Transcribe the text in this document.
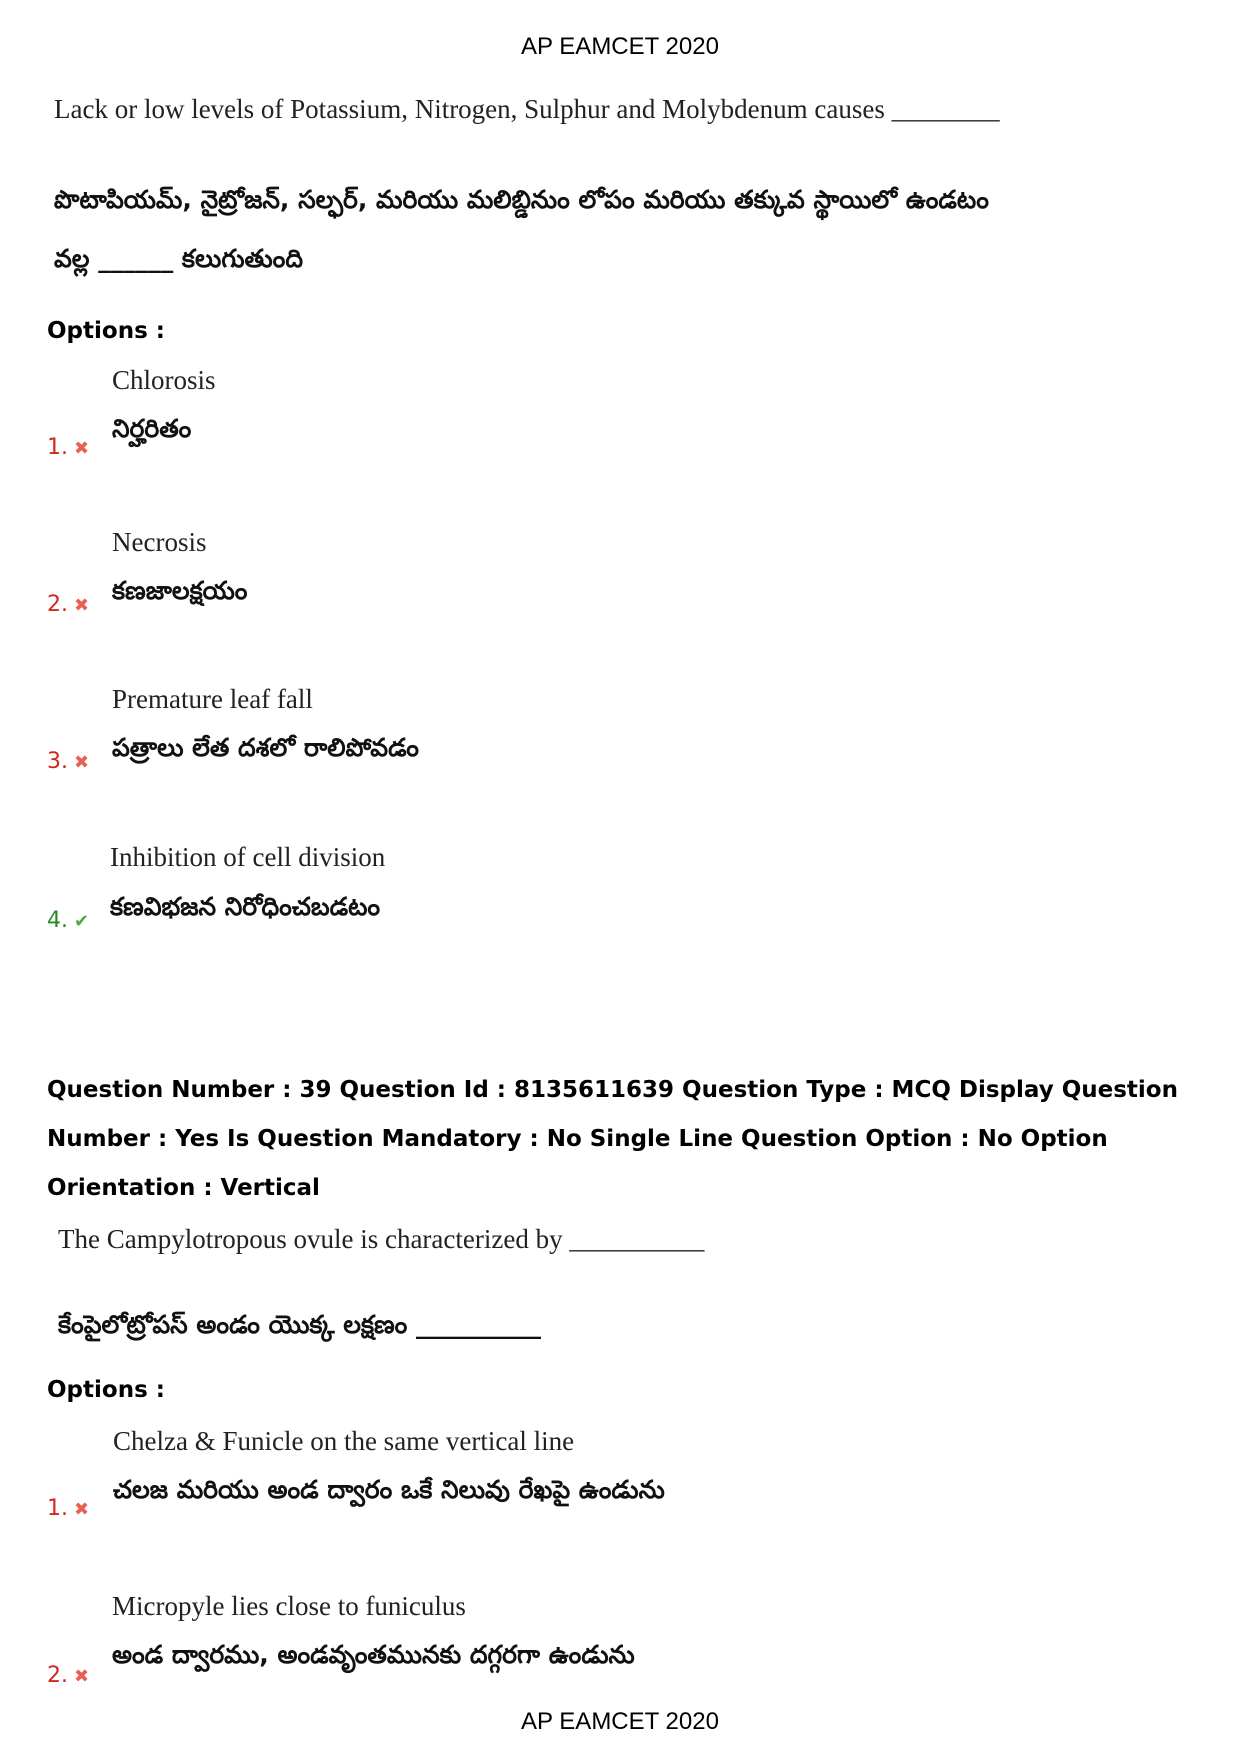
AP EAMCET 2020
Lack or low levels of Potassium, Nitrogen, Sulphur and Molybdenum causes ________
పొటాపియమ్, నైట్రోజన్, సల్ఫర్, మరియు మలిబ్డినుం లోపం మరియు తక్కువ స్థాయిలో ఉండటం
వల్ల ______ కలుగుతుంది
Options :
Chlorosis
నిర్హరితం
1. ✖
Necrosis
కణజాలక్షయం
2. ✖
Premature leaf fall
పత్రాలు లేత దశలో రాలిపోవడం
3. ✖
Inhibition of cell division
కణవిభజన నిరోధించబడటం
4. ✔
Question Number : 39 Question Id : 8135611639 Question Type : MCQ Display Question
Number : Yes Is Question Mandatory : No Single Line Question Option : No Option
Orientation : Vertical
The Campylotropous ovule is characterized by __________
కేంపైలోట్రోపస్ అండం యొక్క లక్షణం __________
Options :
Chelza & Funicle on the same vertical line
చలజ మరియు అండ ద్వారం ఒకే నిలువు రేఖపై ఉండును
1. ✖
Micropyle lies close to funiculus
అండ ద్వారము, అండవృంతమునకు దగ్గరగా ఉండును
2. ✖
AP EAMCET 2020
